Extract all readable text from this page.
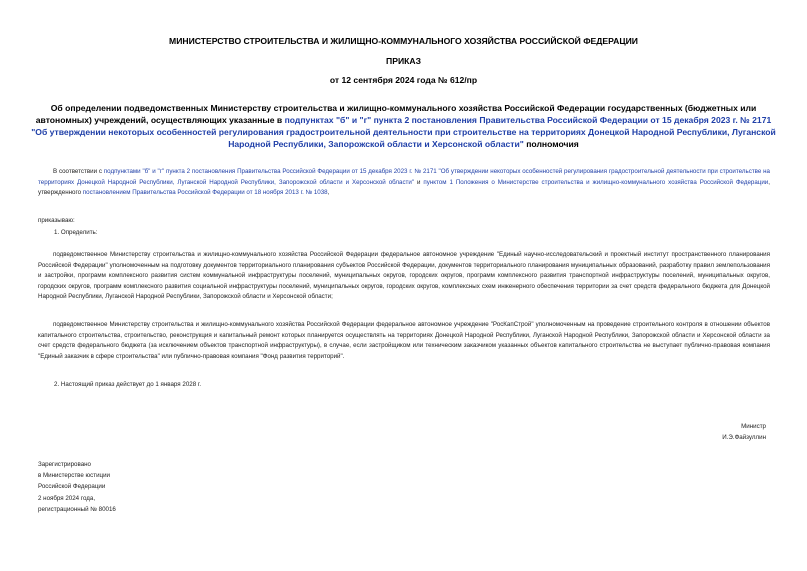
МИНИСТЕРСТВО СТРОИТЕЛЬСТВА И ЖИЛИЩНО-КОММУНАЛЬНОГО ХОЗЯЙСТВА РОССИЙСКОЙ ФЕДЕРАЦИИ
ПРИКАЗ
от 12 сентября 2024 года № 612/пр
Об определении подведомственных Министерству строительства и жилищно-коммунального хозяйства Российской Федерации государственных (бюджетных или автономных) учреждений, осуществляющих указанные в подпунктах "б" и "г" пункта 2 постановления Правительства Российской Федерации от 15 декабря 2023 г. № 2171 "Об утверждении некоторых особенностей регулирования градостроительной деятельности при строительстве на территориях Донецкой Народной Республики, Луганской Народной Республики, Запорожской области и Херсонской области" полномочия
В соответствии с подпунктами "б" и "г" пункта 2 постановления Правительства Российской Федерации от 15 декабря 2023 г. № 2171 "Об утверждении некоторых особенностей регулирования градостроительной деятельности при строительстве на территориях Донецкой Народной Республики, Луганской Народной Республики, Запорожской области и Херсонской области" и пунктом 1 Положения о Министерстве строительства и жилищно-коммунального хозяйства Российской Федерации, утвержденного постановлением Правительства Российской Федерации от 18 ноября 2013 г. № 1038,
приказываю:
1. Определить:
подведомственное Министерству строительства и жилищно-коммунального хозяйства Российской Федерации федеральное автономное учреждение "Единый научно-исследовательский и проектный институт пространственного планирования Российской Федерации" уполномоченным на подготовку документов территориального планирования субъектов Российской Федерации, документов территориального планирования муниципальных образований, разработку правил землепользования и застройки, программ комплексного развития систем коммунальной инфраструктуры поселений, муниципальных округов, городских округов, программ комплексного развития транспортной инфраструктуры поселений, муниципальных округов, городских округов, программ комплексного развития социальной инфраструктуры поселений, муниципальных округов, городских округов, комплексных схем инженерного обеспечения территории за счет средств федерального бюджета для Донецкой Народной Республики, Луганской Народной Республики, Запорожской области и Херсонской области;
подведомственное Министерству строительства и жилищно-коммунального хозяйства Российской Федерации федеральное автономное учреждение "РосКапСтрой" уполномоченным на проведение строительного контроля в отношении объектов капитального строительства, строительство, реконструкция и капитальный ремонт которых планируется осуществлять на территориях Донецкой Народной Республики, Луганской Народной Республики, Запорожской области и Херсонской области за счет средств федерального бюджета (за исключением объектов транспортной инфраструктуры), в случае, если застройщиком или техническим заказчиком указанных объектов капитального строительства не выступает публично-правовая компания "Единый заказчик в сфере строительства" или публично-правовая компания "Фонд развития территорий".
2. Настоящий приказ действует до 1 января 2028 г.
Министр
И.Э.Файзуллин
Зарегистрировано
в Министерстве юстиции
Российской Федерации
2 ноября 2024 года,
регистрационный № 80016
